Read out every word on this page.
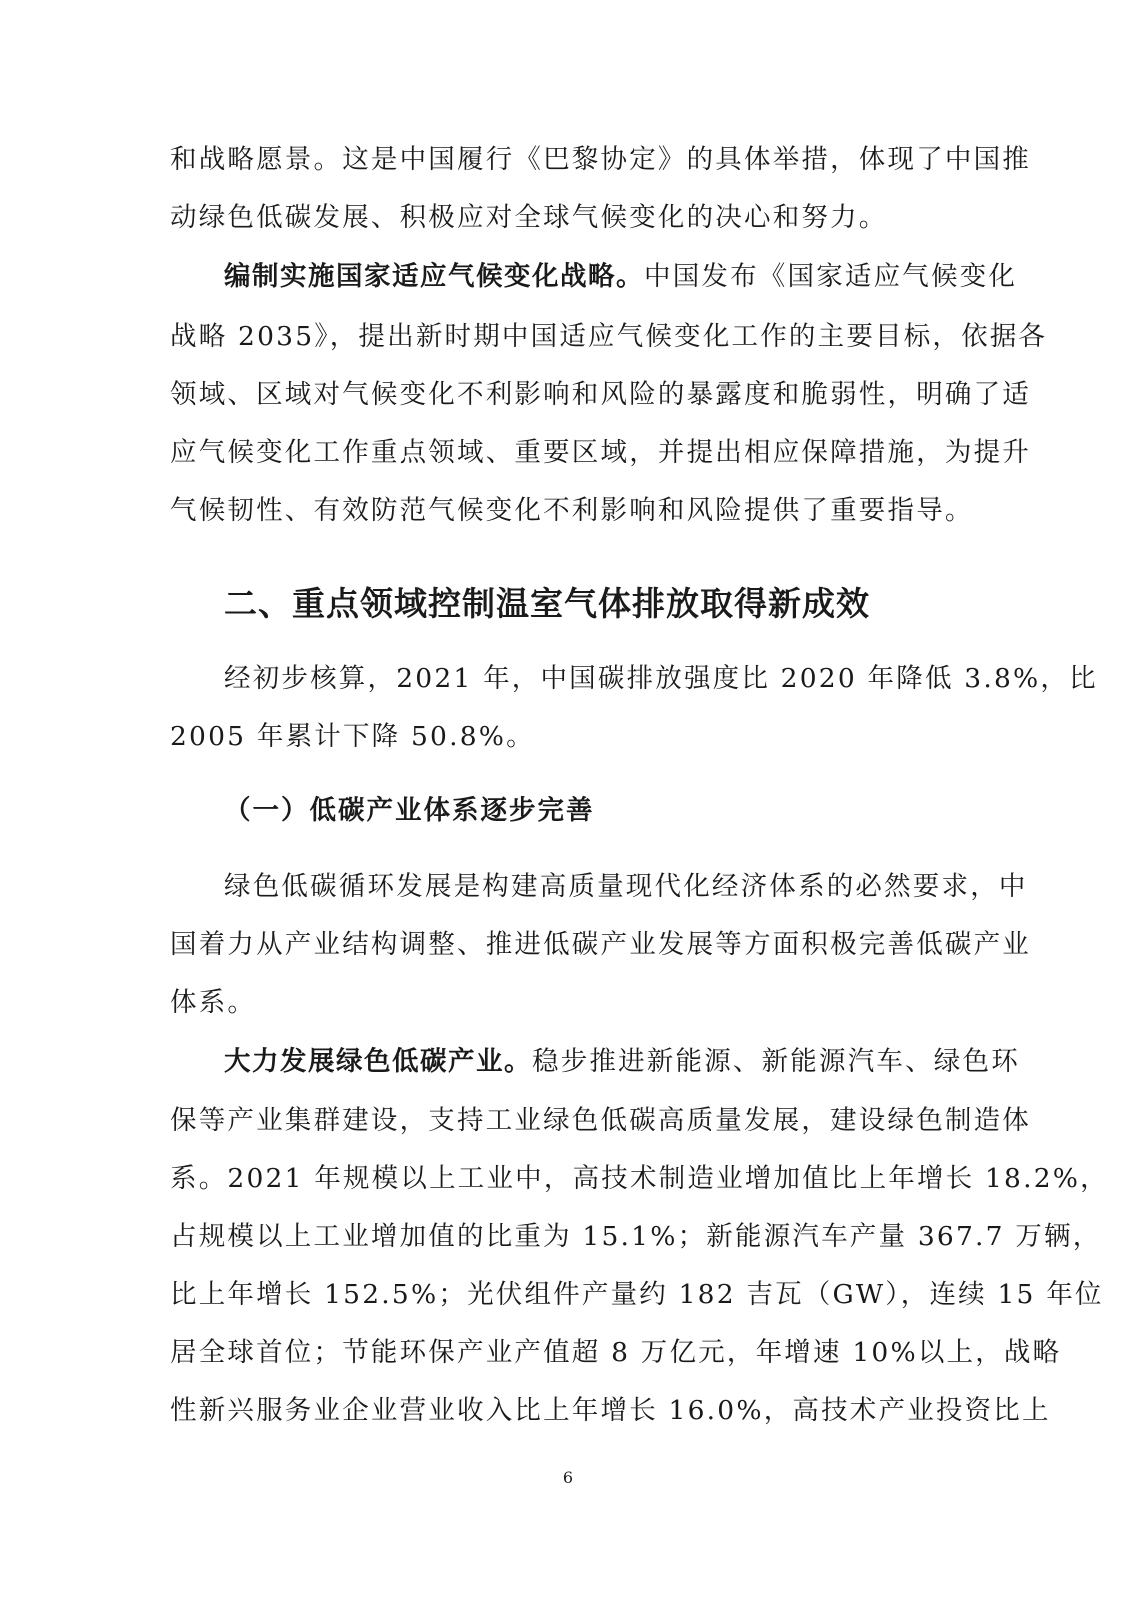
和战略愿景。这是中国履行《巴黎协定》的具体举措，体现了中国推
动绿色低碳发展、积极应对全球气候变化的决心和努力。
编制实施国家适应气候变化战略。中国发布《国家适应气候变化
战略 2035》，提出新时期中国适应气候变化工作的主要目标，依据各
领域、区域对气候变化不利影响和风险的暴露度和脆弱性，明确了适
应气候变化工作重点领域、重要区域，并提出相应保障措施，为提升
气候韧性、有效防范气候变化不利影响和风险提供了重要指导。
二、重点领域控制温室气体排放取得新成效
经初步核算，2021 年，中国碳排放强度比 2020 年降低 3.8%，比
2005 年累计下降 50.8%。
（一）低碳产业体系逐步完善
绿色低碳循环发展是构建高质量现代化经济体系的必然要求，中
国着力从产业结构调整、推进低碳产业发展等方面积极完善低碳产业
体系。
大力发展绿色低碳产业。稳步推进新能源、新能源汽车、绿色环
保等产业集群建设，支持工业绿色低碳高质量发展，建设绿色制造体
系。2021 年规模以上工业中，高技术制造业增加值比上年增长 18.2%，
占规模以上工业增加值的比重为 15.1%；新能源汽车产量 367.7 万辆，
比上年增长 152.5%；光伏组件产量约 182 吉瓦（GW），连续 15 年位
居全球首位；节能环保产业产值超 8 万亿元，年增速 10%以上，战略
性新兴服务业企业营业收入比上年增长 16.0%，高技术产业投资比上
6
